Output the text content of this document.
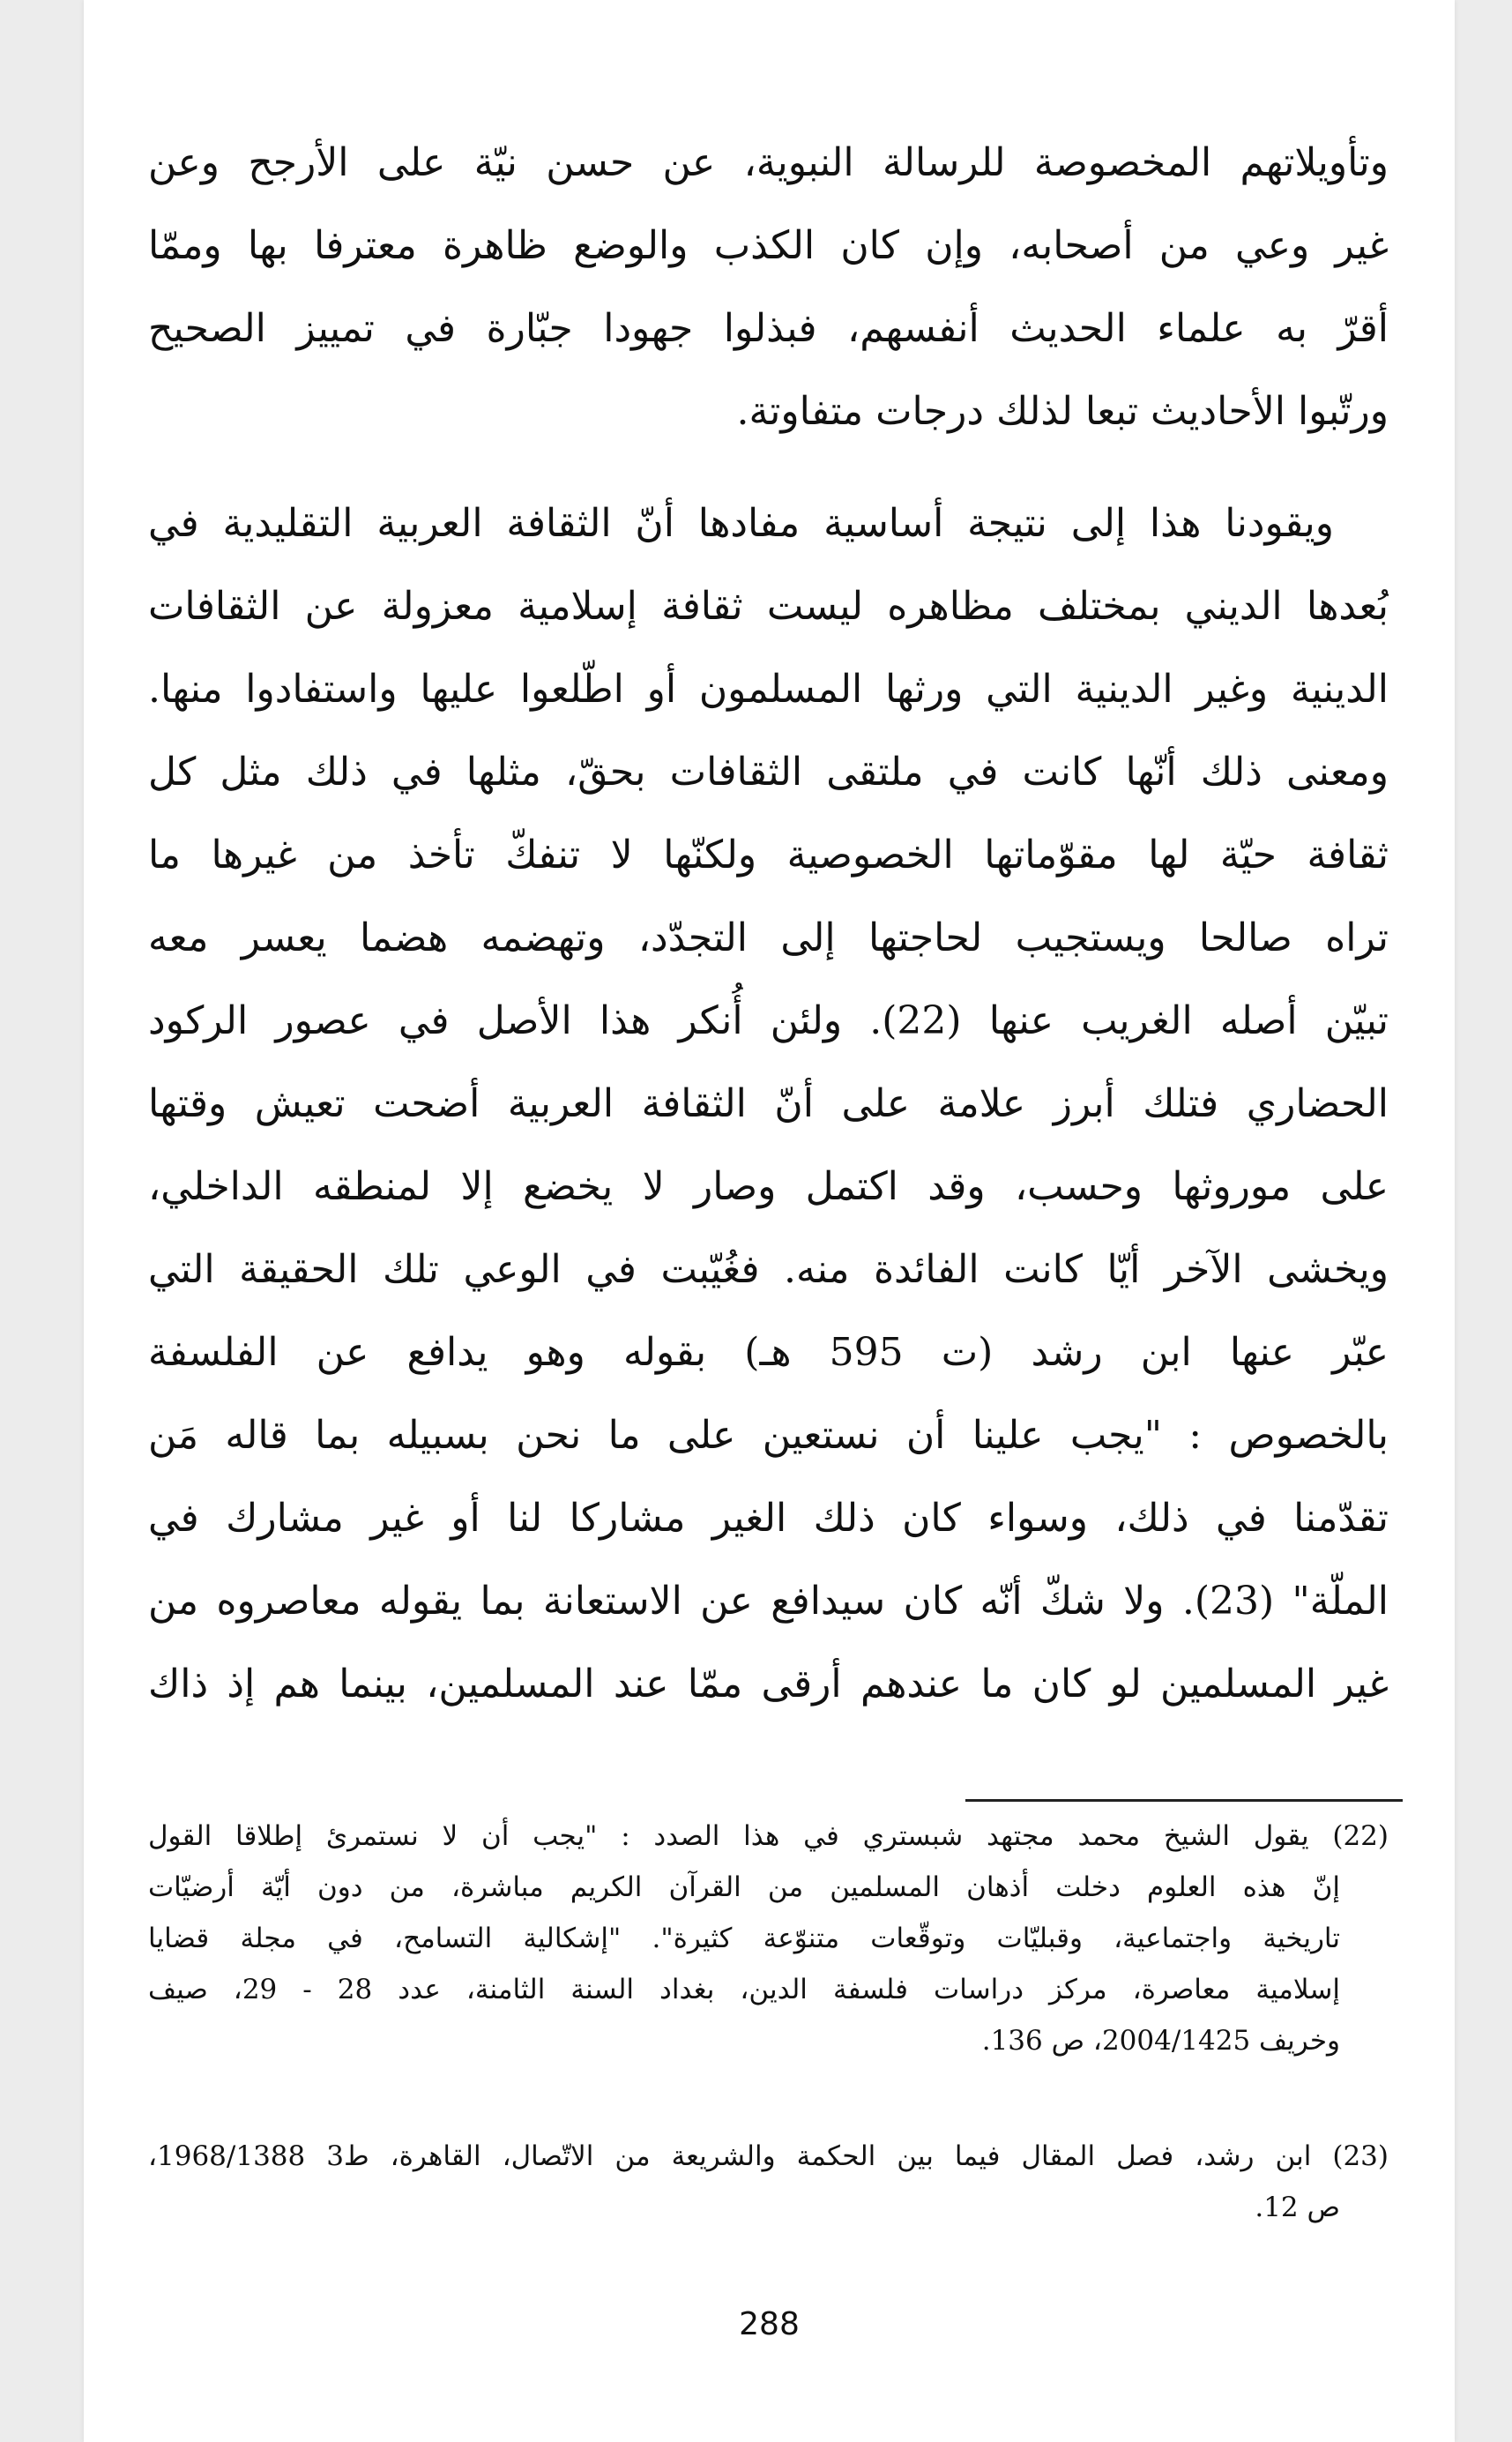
وتأويلاتهم المخصوصة للرسالة النبوية، عن حسن نيّة على الأرجح وعن
غير وعي من أصحابه، وإن كان الكذب والوضع ظاهرة معترفا بها وممّا
أقرّ به علماء الحديث أنفسهم، فبذلوا جهودا جبّارة في تمييز الصحيح
ورتّبوا الأحاديث تبعا لذلك درجات متفاوتة.
ويقودنا هذا إلى نتيجة أساسية مفادها أنّ الثقافة العربية التقليدية في
بُعدها الديني بمختلف مظاهره ليست ثقافة إسلامية معزولة عن الثقافات
الدينية وغير الدينية التي ورثها المسلمون أو اطّلعوا عليها واستفادوا منها.
ومعنى ذلك أنّها كانت في ملتقى الثقافات بحقّ، مثلها في ذلك مثل كل
ثقافة حيّة لها مقوّماتها الخصوصية ولكنّها لا تنفكّ تأخذ من غيرها ما
تراه صالحا ويستجيب لحاجتها إلى التجدّد، وتهضمه هضما يعسر معه
تبيّن أصله الغريب عنها (22). ولئن أُنكر هذا الأصل في عصور الركود
الحضاري فتلك أبرز علامة على أنّ الثقافة العربية أضحت تعيش وقتها
على موروثها وحسب، وقد اكتمل وصار لا يخضع إلا لمنطقه الداخلي،
ويخشى الآخر أيّا كانت الفائدة منه. فغُيّبت في الوعي تلك الحقيقة التي
عبّر عنها ابن رشد (ت 595 هـ) بقوله وهو يدافع عن الفلسفة
بالخصوص : "يجب علينا أن نستعين على ما نحن بسبيله بما قاله مَن
تقدّمنا في ذلك، وسواء كان ذلك الغير مشاركا لنا أو غير مشارك في
الملّة" (23). ولا شكّ أنّه كان سيدافع عن الاستعانة بما يقوله معاصروه من
غير المسلمين لو كان ما عندهم أرقى ممّا عند المسلمين، بينما هم إذ ذاك
(22) يقول الشيخ محمد مجتهد شبستري في هذا الصدد : "يجب أن لا نستمرئ إطلاقا القول
إنّ هذه العلوم دخلت أذهان المسلمين من القرآن الكريم مباشرة، من دون أيّة أرضيّات
تاريخية واجتماعية، وقبليّات وتوقّعات متنوّعة كثيرة". "إشكالية التسامح، في مجلة قضايا
إسلامية معاصرة، مركز دراسات فلسفة الدين، بغداد السنة الثامنة، عدد 28 - 29، صيف
وخريف 2004/1425، ص 136.
(23) ابن رشد، فصل المقال فيما بين الحكمة والشريعة من الاتّصال، القاهرة، ط3 1968/1388،
ص 12.
288
